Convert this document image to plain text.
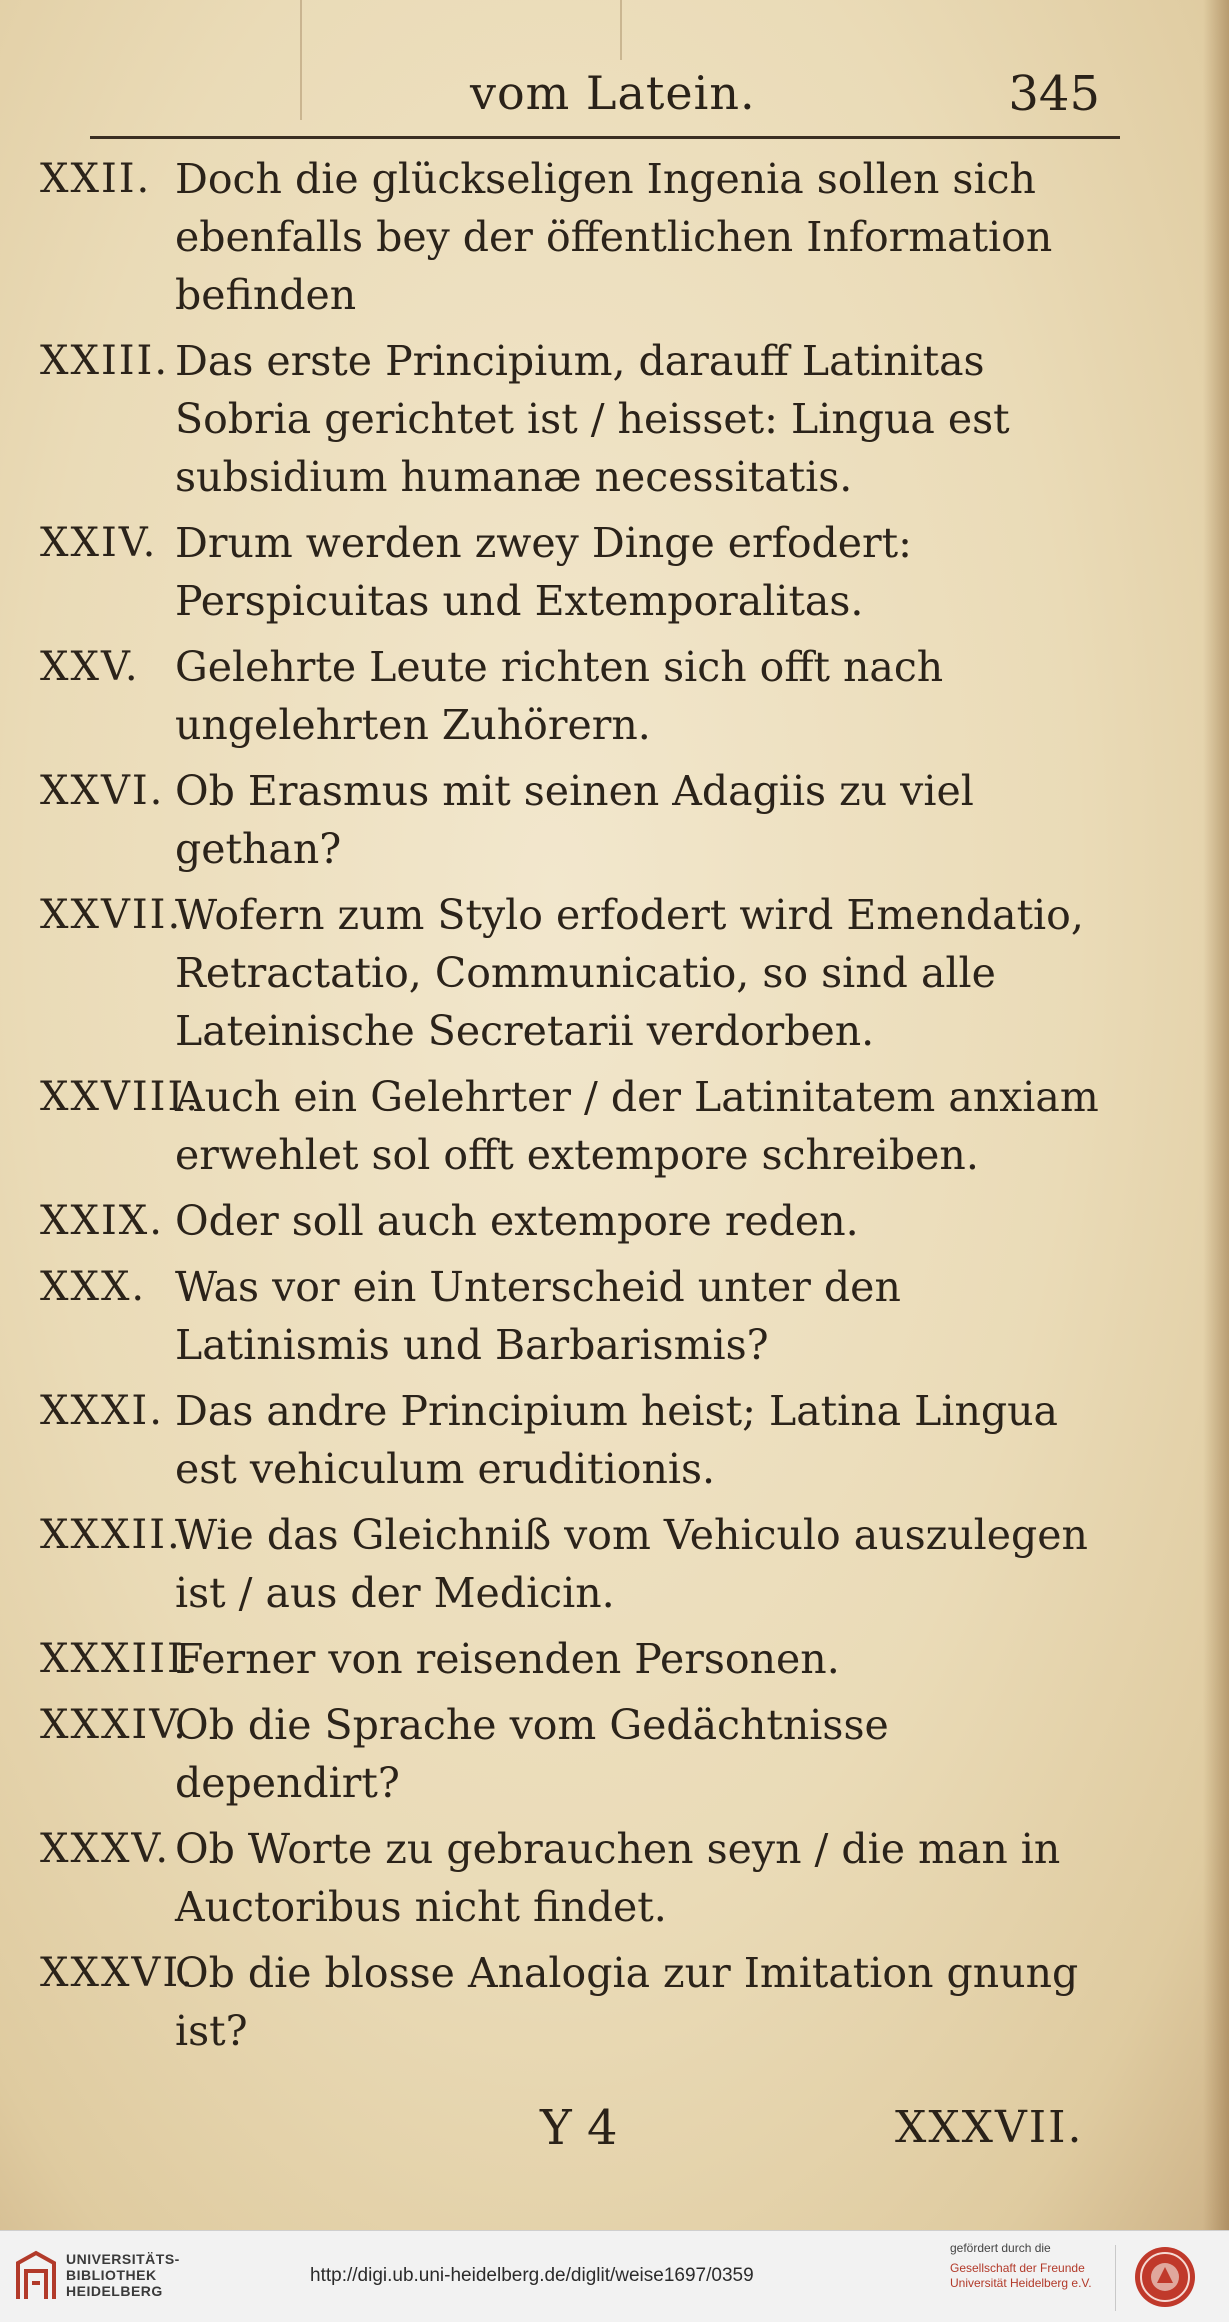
vom Latein.	345
XXII. Doch die glückseligen Ingenia sollen sich ebenfalls bey der öffentlichen Information befinden
XXIII. Das erste Principium, darauff Latinitas Sobria gerichtet ist / heisset: Lingua est subsidium humanæ necessitatis.
XXIV. Drum werden zwey Dinge erfodert: Perspicuitas und Extemporalitas.
XXV. Gelehrte Leute richten sich offt nach ungelehrten Zuhörern.
XXVI. Ob Erasmus mit seinen Adagiis zu viel gethan?
XXVII.
Wofern zum Stylo erfodert wird Emendatio, Retractatio, Communicatio, so sind alle Lateinische Secretarii verdorben.
XXVIII.
Auch ein Gelehrter / der Latinitatem anxiam erwehlet sol offt extempore schreiben.
XXIX. Oder soll auch extempore reden.
XXX. Was vor ein Unterscheid unter den Latinismis und Barbarismis?
XXXI. Das andre Principium heist; Latina Lingua est vehiculum eruditionis.
XXXII.
Wie das Gleichniß vom Vehiculo auszulegen ist / aus der Medicin.
XXXIII.
Ferner von reisenden Personen.
XXXIV.
Ob die Sprache vom Gedächtnisse dependirt?
XXXV. Ob Worte zu gebrauchen seyn / die man in Auctoribus nicht findet.
XXXVI.
Ob die blosse Analogia zur Imitation gnung ist?
Y 4	XXXVII.
UNIVERSITÄTS-
BIBLIOTHEK
HEIDELBERG
http://digi.ub.uni-heidelberg.de/diglit/weise1697/0359
gefördert durch die
Gesellschaft der Freunde
Universität Heidelberg e.V.
